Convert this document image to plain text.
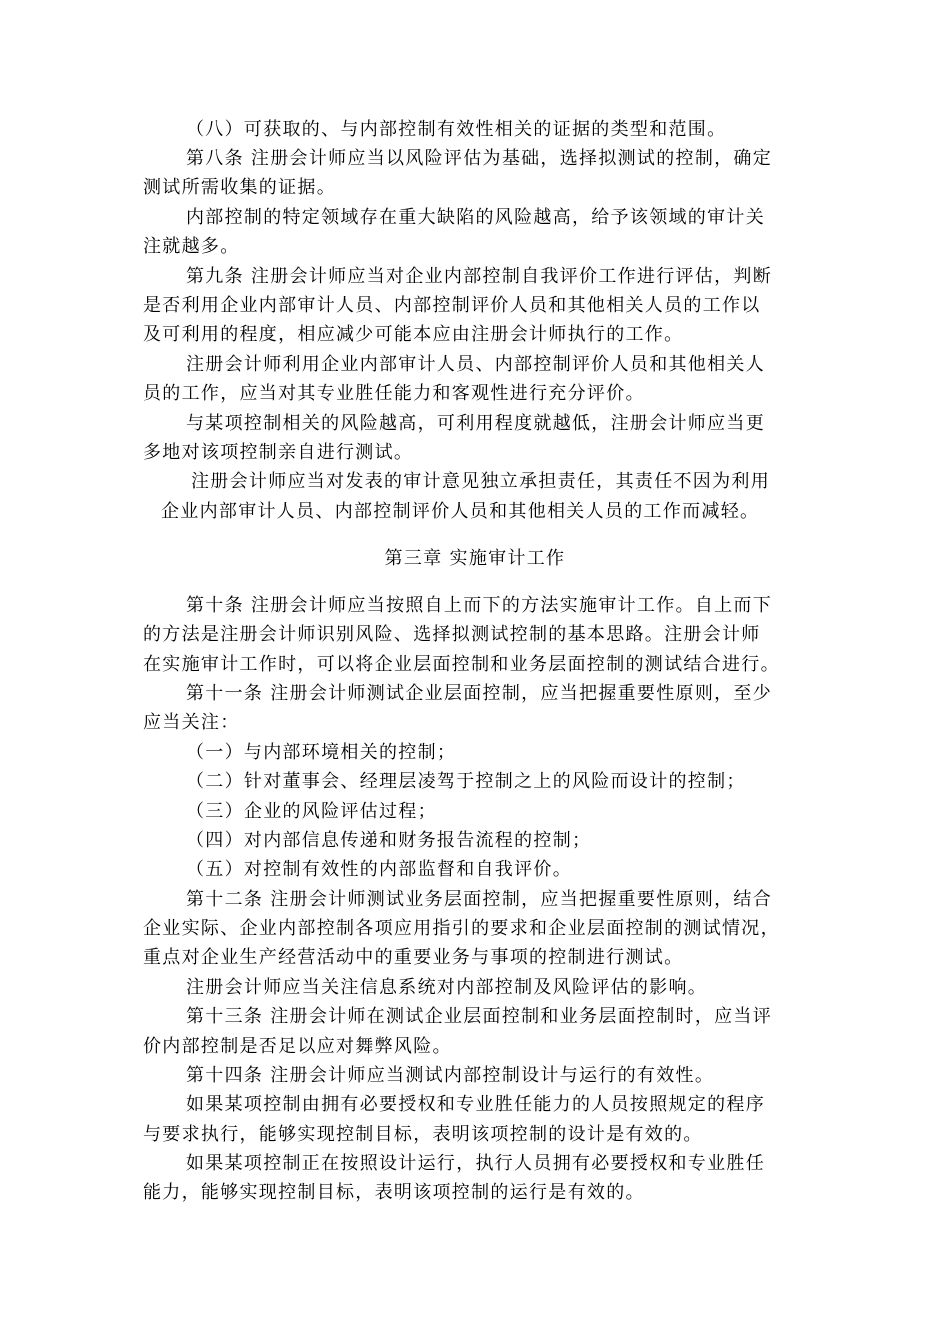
（八）可获取的、与内部控制有效性相关的证据的类型和范围。
第八条 注册会计师应当以风险评估为基础，选择拟测试的控制，确定
测试所需收集的证据。
内部控制的特定领域存在重大缺陷的风险越高，给予该领域的审计关
注就越多。
第九条 注册会计师应当对企业内部控制自我评价工作进行评估，判断
是否利用企业内部审计人员、内部控制评价人员和其他相关人员的工作以
及可利用的程度，相应减少可能本应由注册会计师执行的工作。
注册会计师利用企业内部审计人员、内部控制评价人员和其他相关人
员的工作，应当对其专业胜任能力和客观性进行充分评价。
与某项控制相关的风险越高，可利用程度就越低，注册会计师应当更
多地对该项控制亲自进行测试。
注册会计师应当对发表的审计意见独立承担责任，其责任不因为利用
企业内部审计人员、内部控制评价人员和其他相关人员的工作而减轻。
第三章 实施审计工作
第十条 注册会计师应当按照自上而下的方法实施审计工作。自上而下
的方法是注册会计师识别风险、选择拟测试控制的基本思路。注册会计师
在实施审计工作时，可以将企业层面控制和业务层面控制的测试结合进行。
第十一条 注册会计师测试企业层面控制，应当把握重要性原则，至少
应当关注：
（一）与内部环境相关的控制；
（二）针对董事会、经理层凌驾于控制之上的风险而设计的控制；
（三）企业的风险评估过程；
（四）对内部信息传递和财务报告流程的控制；
（五）对控制有效性的内部监督和自我评价。
第十二条 注册会计师测试业务层面控制，应当把握重要性原则，结合
企业实际、企业内部控制各项应用指引的要求和企业层面控制的测试情况，
重点对企业生产经营活动中的重要业务与事项的控制进行测试。
注册会计师应当关注信息系统对内部控制及风险评估的影响。
第十三条 注册会计师在测试企业层面控制和业务层面控制时，应当评
价内部控制是否足以应对舞弊风险。
第十四条 注册会计师应当测试内部控制设计与运行的有效性。
如果某项控制由拥有必要授权和专业胜任能力的人员按照规定的程序
与要求执行，能够实现控制目标，表明该项控制的设计是有效的。
如果某项控制正在按照设计运行，执行人员拥有必要授权和专业胜任
能力，能够实现控制目标，表明该项控制的运行是有效的。
